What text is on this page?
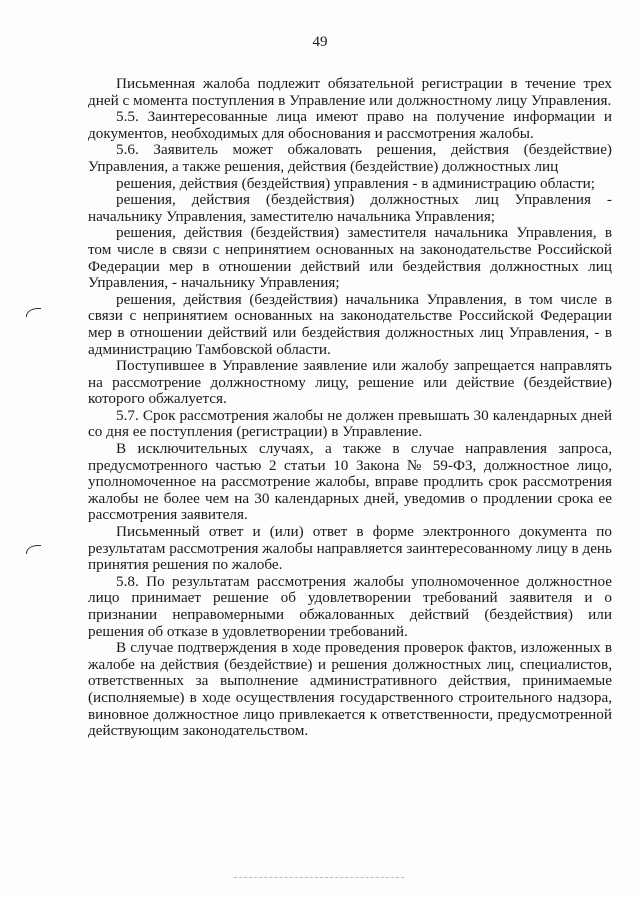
49

Письменная жалоба подлежит обязательной регистрации в течение трех дней с момента поступления в Управление или должностному лицу Управления.

5.5. Заинтересованные лица имеют право на получение информации и документов, необходимых для обоснования и рассмотрения жалобы.

5.6. Заявитель может обжаловать решения, действия (бездействие) Управления, а также решения, действия (бездействие) должностных лиц

решения, действия (бездействия) управления - в администрацию области;

решения, действия (бездействия) должностных лиц Управления - начальнику Управления, заместителю начальника Управления;

решения, действия (бездействия) заместителя начальника Управления, в том числе в связи с непринятием основанных на законодательстве Российской Федерации мер в отношении действий или бездействия должностных лиц Управления, - начальнику Управления;

решения, действия (бездействия) начальника Управления, в том числе в связи с непринятием основанных на законодательстве Российской Федерации мер в отношении действий или бездействия должностных лиц Управления, - в администрацию Тамбовской области.

Поступившее в Управление заявление или жалобу запрещается направлять на рассмотрение должностному лицу, решение или действие (бездействие) которого обжалуется.

5.7. Срок рассмотрения жалобы не должен превышать 30 календарных дней со дня ее поступления (регистрации) в Управление.

В исключительных случаях, а также в случае направления запроса, предусмотренного частью 2 статьи 10 Закона № 59-ФЗ, должностное лицо, уполномоченное на рассмотрение жалобы, вправе продлить срок рассмотрения жалобы не более чем на 30 календарных дней, уведомив о продлении срока ее рассмотрения заявителя.

Письменный ответ и (или) ответ в форме электронного документа по результатам рассмотрения жалобы направляется заинтересованному лицу в день принятия решения по жалобе.

5.8. По результатам рассмотрения жалобы уполномоченное должностное лицо принимает решение об удовлетворении требований заявителя и о признании неправомерными обжалованных действий (бездействия) или решения об отказе в удовлетворении требований.

В случае подтверждения в ходе проведения проверок фактов, изложенных в жалобе на действия (бездействие) и решения должностных лиц, специалистов, ответственных за выполнение административного действия, принимаемые (исполняемые) в ходе осуществления государственного строительного надзора, виновное должностное лицо привлекается к ответственности, предусмотренной действующим законодательством.
